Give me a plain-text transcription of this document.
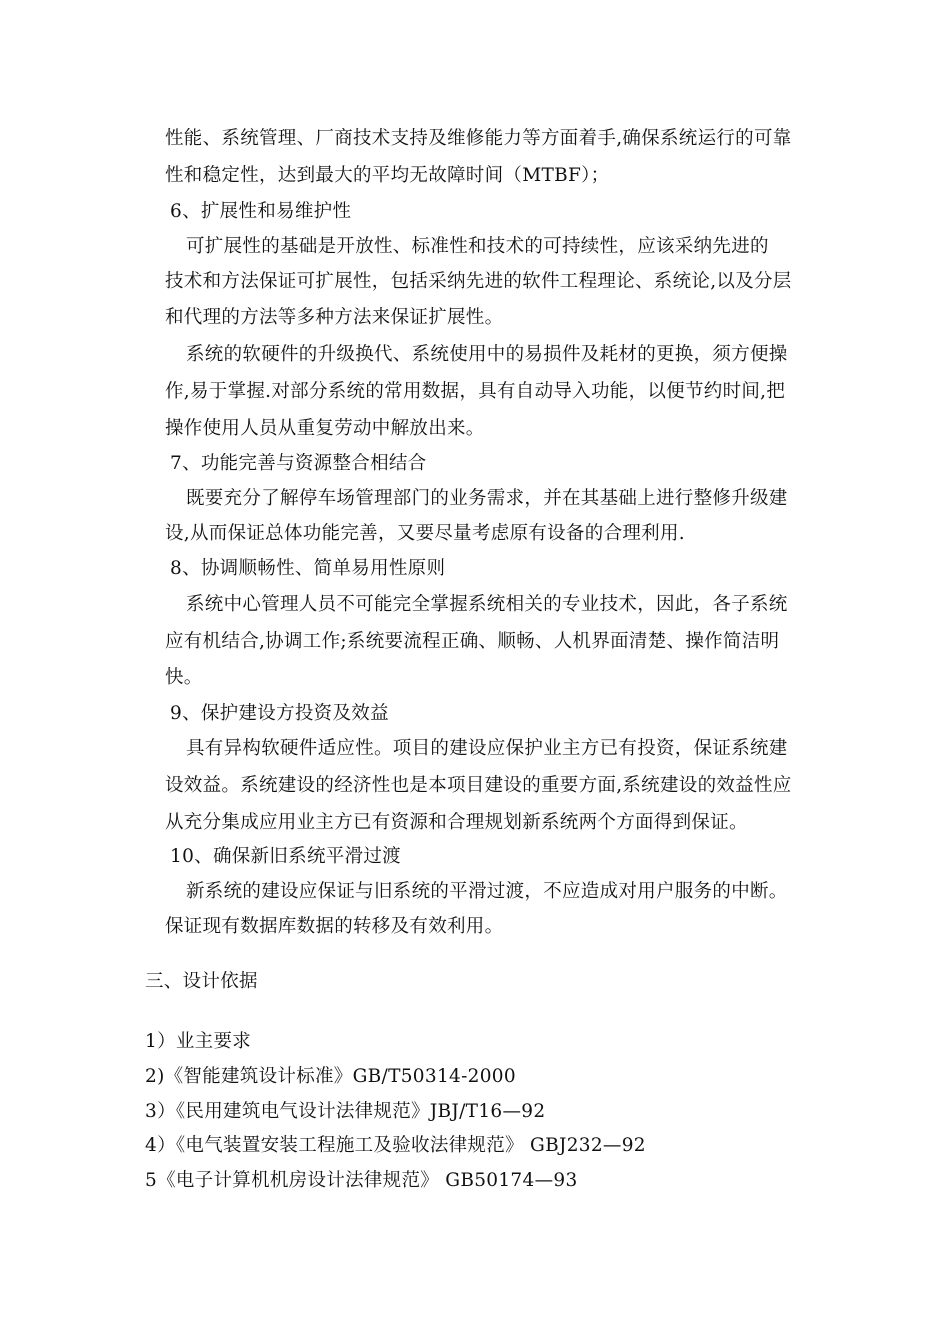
性能、系统管理、厂商技术支持及维修能力等方面着手,确保系统运行的可靠
性和稳定性，达到最大的平均无故障时间（MTBF）；
6、扩展性和易维护性
可扩展性的基础是开放性、标准性和技术的可持续性，应该采纳先进的
技术和方法保证可扩展性，包括采纳先进的软件工程理论、系统论,以及分层
和代理的方法等多种方法来保证扩展性。
系统的软硬件的升级换代、系统使用中的易损件及耗材的更换，须方便操
作,易于掌握.对部分系统的常用数据，具有自动导入功能，以便节约时间,把
操作使用人员从重复劳动中解放出来。
7、功能完善与资源整合相结合
既要充分了解停车场管理部门的业务需求，并在其基础上进行整修升级建
设,从而保证总体功能完善，又要尽量考虑原有设备的合理利用.
8、协调顺畅性、简单易用性原则
系统中心管理人员不可能完全掌握系统相关的专业技术，因此，各子系统
应有机结合,协调工作;系统要流程正确、顺畅、人机界面清楚、操作简洁明
快。
9、保护建设方投资及效益
具有异构软硬件适应性。项目的建设应保护业主方已有投资，保证系统建
设效益。系统建设的经济性也是本项目建设的重要方面,系统建设的效益性应
从充分集成应用业主方已有资源和合理规划新系统两个方面得到保证。
10、确保新旧系统平滑过渡
新系统的建设应保证与旧系统的平滑过渡，不应造成对用户服务的中断。
保证现有数据库数据的转移及有效利用。
三、设计依据
1）业主要求
2)《智能建筑设计标准》GB/T50314-2000
3）《民用建筑电气设计法律规范》JBJ/T16—92
4）《电气装置安装工程施工及验收法律规范》 GBJ232—92
5《电子计算机机房设计法律规范》 GB50174—93
